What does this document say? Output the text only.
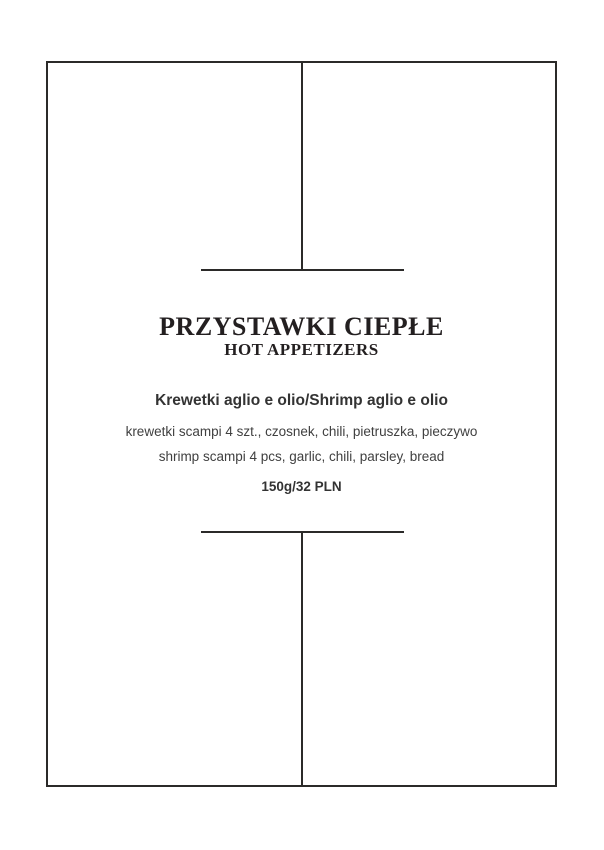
PRZYSTAWKI CIEPŁE
HOT APPETIZERS
Krewetki aglio e olio/Shrimp aglio e olio
krewetki scampi 4 szt., czosnek, chili, pietruszka, pieczywo
shrimp scampi 4 pcs, garlic, chili, parsley, bread
150g/32 PLN
